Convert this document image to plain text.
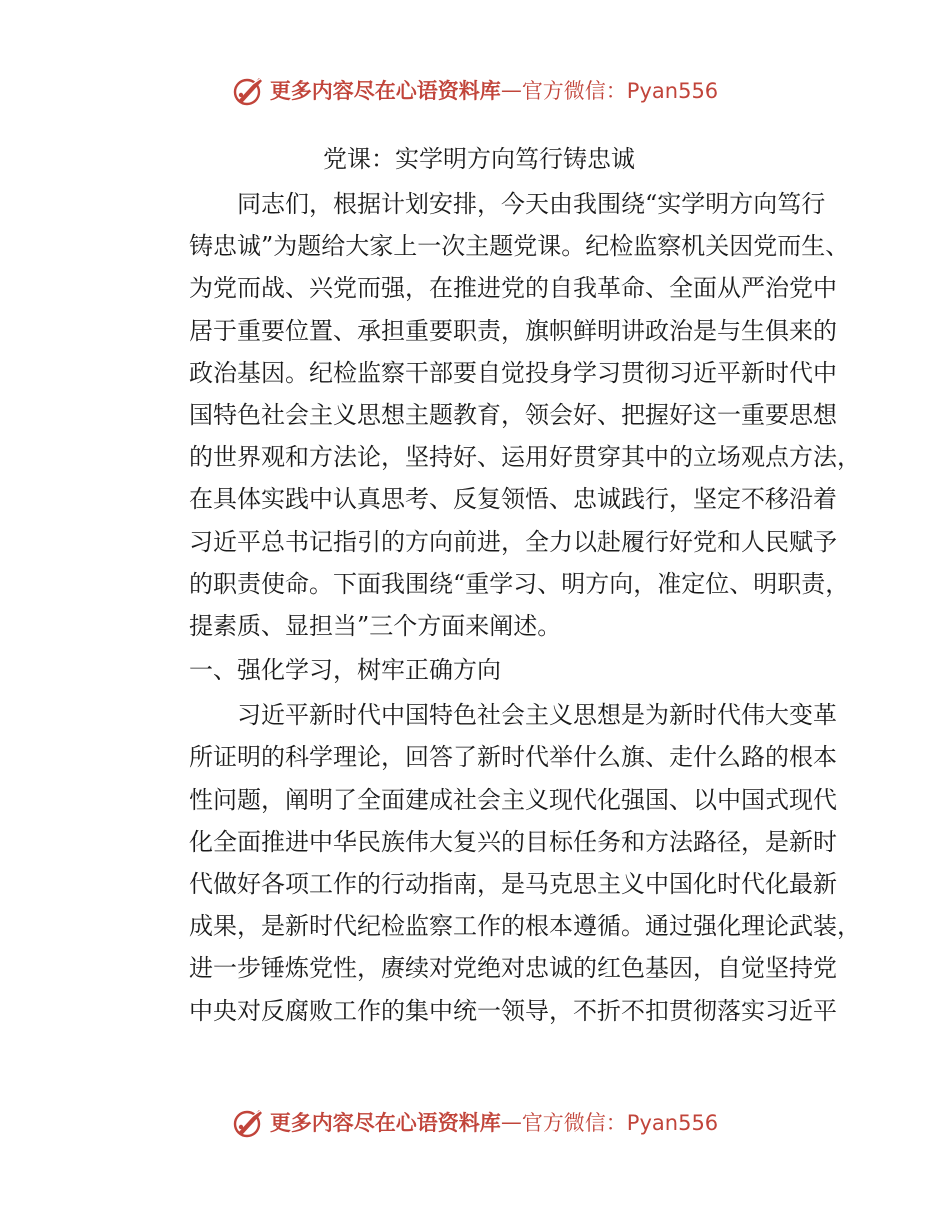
更多内容尽在心语资料库 — 官方微信：Pyan556
党课：实学明方向笃行铸忠诚
同志们，根据计划安排，今天由我围绕“实学明方向笃行
铸忠诚”为题给大家上一次主题党课。纪检监察机关因党而生、
为党而战、兴党而强，在推进党的自我革命、全面从严治党中
居于重要位置、承担重要职责，旗帜鲜明讲政治是与生俱来的
政治基因。纪检监察干部要自觉投身学习贯彻习近平新时代中
国特色社会主义思想主题教育，领会好、把握好这一重要思想
的世界观和方法论，坚持好、运用好贯穿其中的立场观点方法，
在具体实践中认真思考、反复领悟、忠诚践行，坚定不移沿着
习近平总书记指引的方向前进，全力以赴履行好党和人民赋予
的职责使命。下面我围绕“重学习、明方向，准定位、明职责，
提素质、显担当”三个方面来阐述。
一、强化学习，树牢正确方向
习近平新时代中国特色社会主义思想是为新时代伟大变革
所证明的科学理论，回答了新时代举什么旗、走什么路的根本
性问题，阐明了全面建成社会主义现代化强国、以中国式现代
化全面推进中华民族伟大复兴的目标任务和方法路径，是新时
代做好各项工作的行动指南，是马克思主义中国化时代化最新
成果，是新时代纪检监察工作的根本遵循。通过强化理论武装，
进一步锤炼党性，赓续对党绝对忠诚的红色基因，自觉坚持党
中央对反腐败工作的集中统一领导，不折不扣贯彻落实习近平
更多内容尽在心语资料库 — 官方微信：Pyan556
